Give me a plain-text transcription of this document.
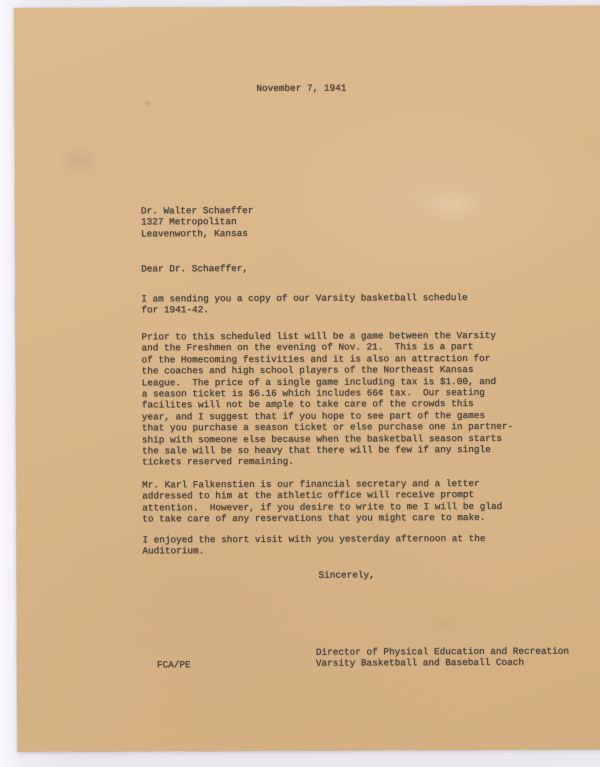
November 7, 1941
Dr. Walter Schaeffer
1327 Metropolitan
Leavenworth, Kansas
Dear Dr. Schaeffer,
I am sending you a copy of our Varsity basketball schedule
for 1941-42.
Prior to this scheduled list will be a game between the Varsity
and the Freshmen on the evening of Nov. 21.  This is a part
of the Homecoming festivities and it is also an attraction for
the coaches and high school players of the Northeast Kansas
League.  The price of a single game including tax is $1.00, and
a season ticket is $6.16 which includes 66¢ tax.  Our seating
facilites will not be ample to take care of the crowds this
year, and I suggest that if you hope to see part of the games
that you purchase a season ticket or else purchase one in partner-
ship with someone else because when the basketball season starts
the sale will be so heavy that there will be few if any single
tickets reserved remaining.
Mr. Karl Falkenstien is our financial secretary and a letter
addressed to him at the athletic office will receive prompt
attention.  However, if you desire to write to me I will be glad
to take care of any reservations that you might care to make.
I enjoyed the short visit with you yesterday afternoon at the
Auditorium.
Sincerely,
Director of Physical Education and Recreation
Varsity Basketball and Baseball Coach
FCA/PE
